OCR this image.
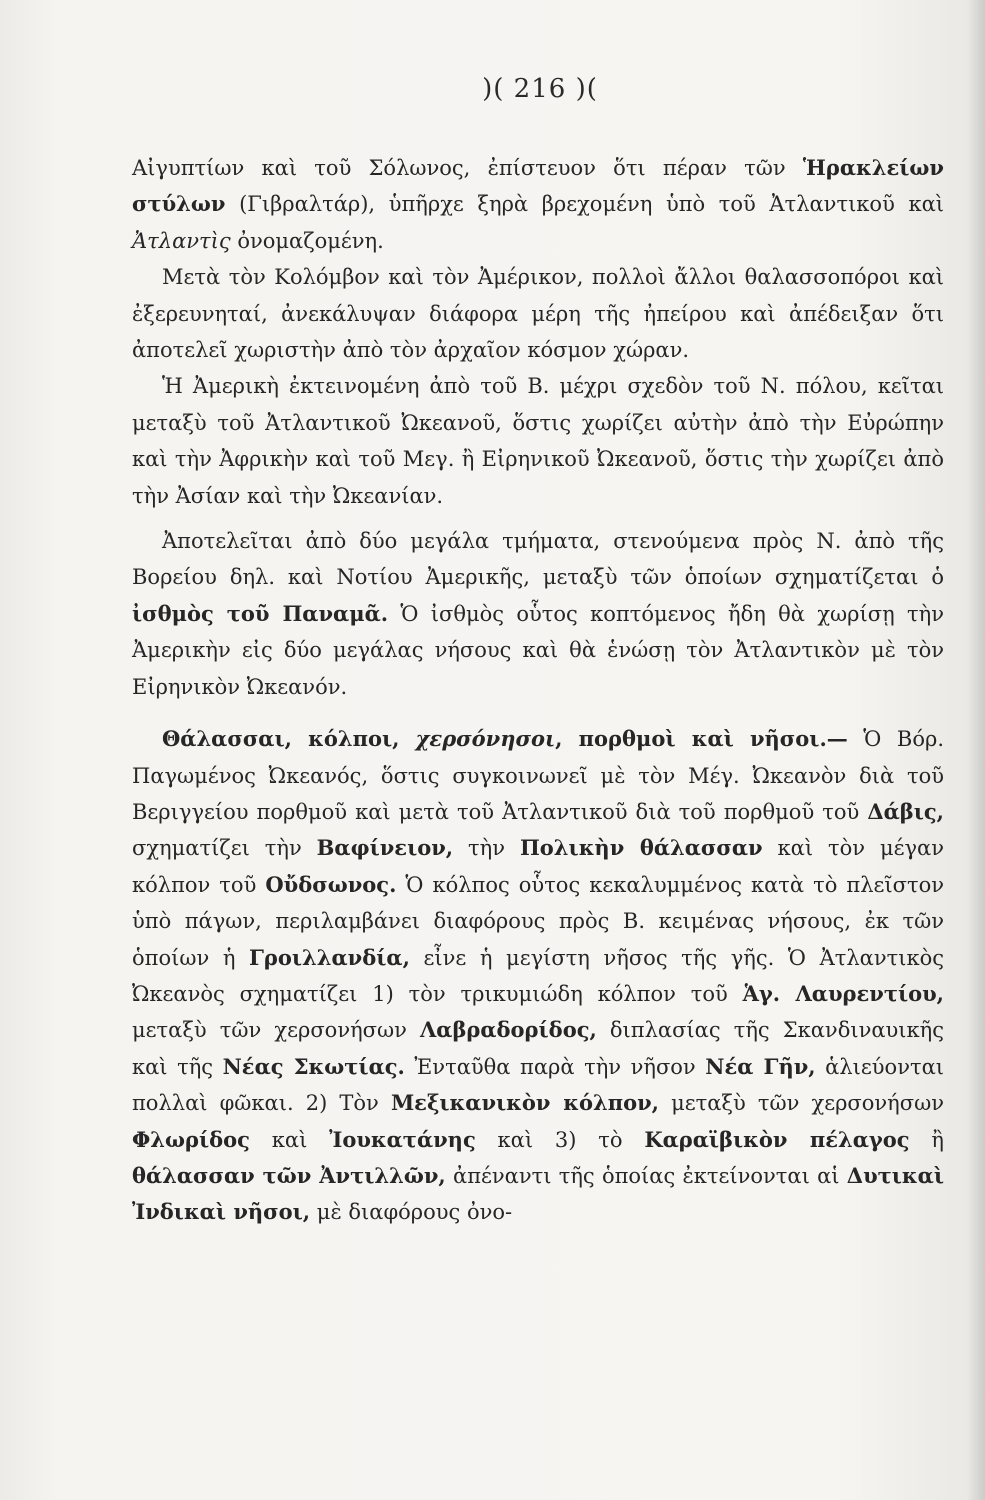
)( 216 )(

Αἰγυπτίων καὶ τοῦ Σόλωνος, ἐπίστευον ὅτι πέραν τῶν Ἡρακλείων στύλων (Γιβραλτάρ), ὑπῆρχε ξηρὰ βρεχομένη ὑπὸ τοῦ Ἀτλαντικοῦ καὶ Ἀτλαντὶς ὀνομαζομένη.

Μετὰ τὸν Κολόμβον καὶ τὸν Ἀμέρικον, πολλοὶ ἄλλοι θαλασσοπόροι καὶ ἐξερευνηταί, ἀνεκάλυψαν διάφορα μέρη τῆς ἠπείρου καὶ ἀπέδειξαν ὅτι ἀποτελεῖ χωριστὴν ἀπὸ τὸν ἀρχαῖον κόσμον χώραν.

Ἡ Ἀμερικὴ ἐκτεινομένη ἀπὸ τοῦ Β. μέχρι σχεδὸν τοῦ Ν. πόλου, κεῖται μεταξὺ τοῦ Ἀτλαντικοῦ Ὠκεανοῦ, ὅστις χωρίζει αὐτὴν ἀπὸ τὴν Εὐρώπην καὶ τὴν Ἀφρικὴν καὶ τοῦ Μεγ. ἢ Εἰρηνικοῦ Ὠκεανοῦ, ὅστις τὴν χωρίζει ἀπὸ τὴν Ἀσίαν καὶ τὴν Ὠκεανίαν.

Ἀποτελεῖται ἀπὸ δύο μεγάλα τμήματα, στενούμενα πρὸς Ν. ἀπὸ τῆς Βορείου δηλ. καὶ Νοτίου Ἀμερικῆς, μεταξὺ τῶν ὁποίων σχηματίζεται ὁ ἰσθμὸς τοῦ Παναμᾶ. Ὁ ἰσθμὸς οὗτος κοπτόμενος ἤδη θὰ χωρίσῃ τὴν Ἀμερικὴν εἰς δύο μεγάλας νήσους καὶ θὰ ἑνώσῃ τὸν Ἀτλαντικὸν μὲ τὸν Εἰρηνικὸν Ὠκεανόν.

Θάλασσαι, κόλποι, χερσόνησοι, πορθμοὶ καὶ νῆσοι.— Ὁ Βόρ. Παγωμένος Ὠκεανός, ὅστις συγκοινωνεῖ μὲ τὸν Μέγ. Ὠκεανὸν διὰ τοῦ Βεριγγείου πορθμοῦ καὶ μετὰ τοῦ Ἀτλαντικοῦ διὰ τοῦ πορθμοῦ τοῦ Δάβις, σχηματίζει τὴν Βαφίνειον, τὴν Πολικὴν θάλασσαν καὶ τὸν μέγαν κόλπον τοῦ Οὔδσωνος. Ὁ κόλπος οὗτος κεκαλυμμένος κατὰ τὸ πλεῖστον ὑπὸ πάγων, περιλαμβάνει διαφόρους πρὸς Β. κειμένας νήσους, ἐκ τῶν ὁποίων ἡ Γροιλλανδία, εἶνε ἡ μεγίστη νῆσος τῆς γῆς. Ὁ Ἀτλαντικὸς Ὠκεανὸς σχηματίζει 1) τὸν τρικυμιώδη κόλπον τοῦ Ἁγ. Λαυρεντίου, μεταξὺ τῶν χερσονήσων Λαβραδορίδος, διπλασίας τῆς Σκανδιναυικῆς καὶ τῆς Νέας Σκωτίας. Ἐνταῦθα παρὰ τὴν νῆσον Νέα Γῆν, ἁλιεύονται πολλαὶ φῶκαι. 2) Τὸν Μεξικανικὸν κόλπον, μεταξὺ τῶν χερσονήσων Φλωρίδος καὶ Ἰουκατάνης καὶ 3) τὸ Καραϊβικὸν πέλαγος ἢ θάλασσαν τῶν Ἀντιλλῶν, ἀπέναντι τῆς ὁποίας ἐκτείνονται αἱ Δυτικαὶ Ἰνδικαὶ νῆσοι, μὲ διαφόρους ὀνο-
